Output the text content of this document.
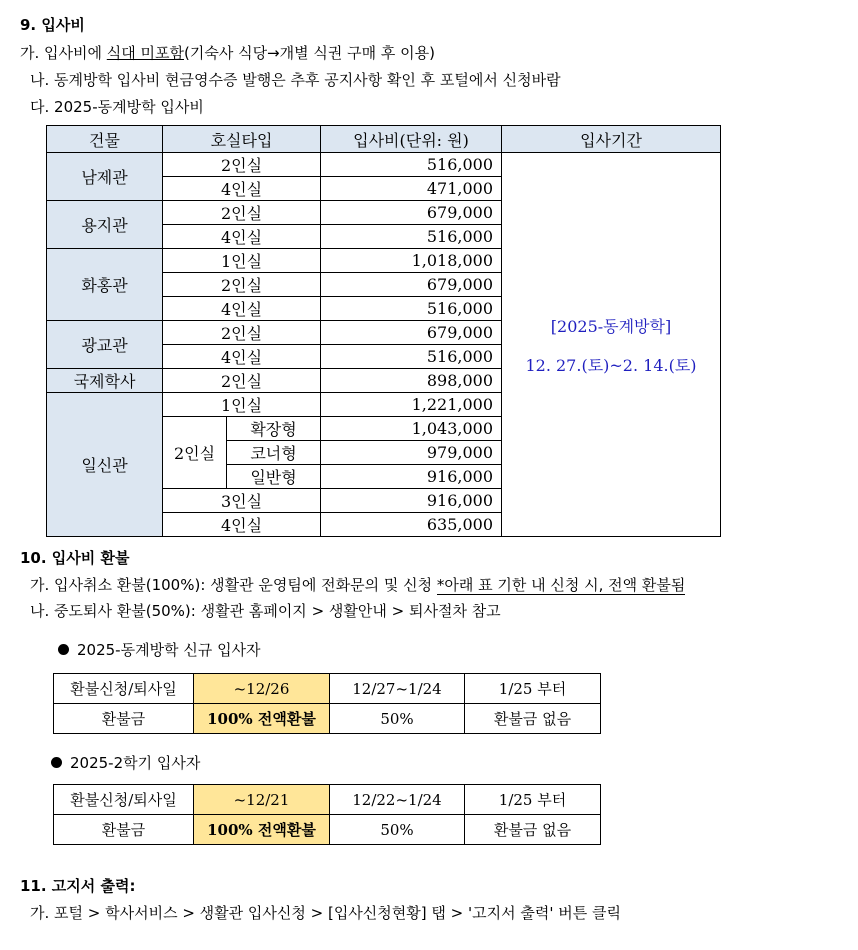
9. 입사비
가. 입사비에 식대 미포함(기숙사 식당→개별 식권 구매 후 이용)
나. 동계방학 입사비 현금영수증 발행은 추후 공지사항 확인 후 포털에서 신청바람
다. 2025-동계방학 입사비
건물	호실타입		입사비(단위: 원)	입사기간
남제관	2인실		516,000	[2025-동계방학]
12. 27.(토)~2. 14.(토)

	4인실		471,000	
용지관	2인실		679,000	
	4인실		516,000	
화홍관	1인실		1,018,000	
	2인실		679,000	
	4인실		516,000	
광교관	2인실		679,000	
	4인실		516,000	
국제학사	2인실		898,000	
일신관	1인실		1,221,000	
	2인실	확장형	1,043,000	
		코너형	979,000	
		일반형	916,000	
	3인실		916,000	
	4인실		635,000	
10. 입사비 환불
가. 입사취소 환불(100%): 생활관 운영팀에 전화문의 및 신청 *아래 표 기한 내 신청 시, 전액 환불됨
나. 중도퇴사 환불(50%): 생활관 홈페이지 > 생활안내 > 퇴사절차 참고
2025-동계방학 신규 입사자
환불신청/퇴사일	~12/26	12/27~1/24	1/25 부터
환불금	100% 전액환불	50%	환불금 없음
2025-2학기 입사자
환불신청/퇴사일	~12/21	12/22~1/24	1/25 부터
환불금	100% 전액환불	50%	환불금 없음
11. 고지서 출력:
가. 포털 > 학사서비스 > 생활관 입사신청 > [입사신청현황] 탭 > '고지서 출력' 버튼 클릭
